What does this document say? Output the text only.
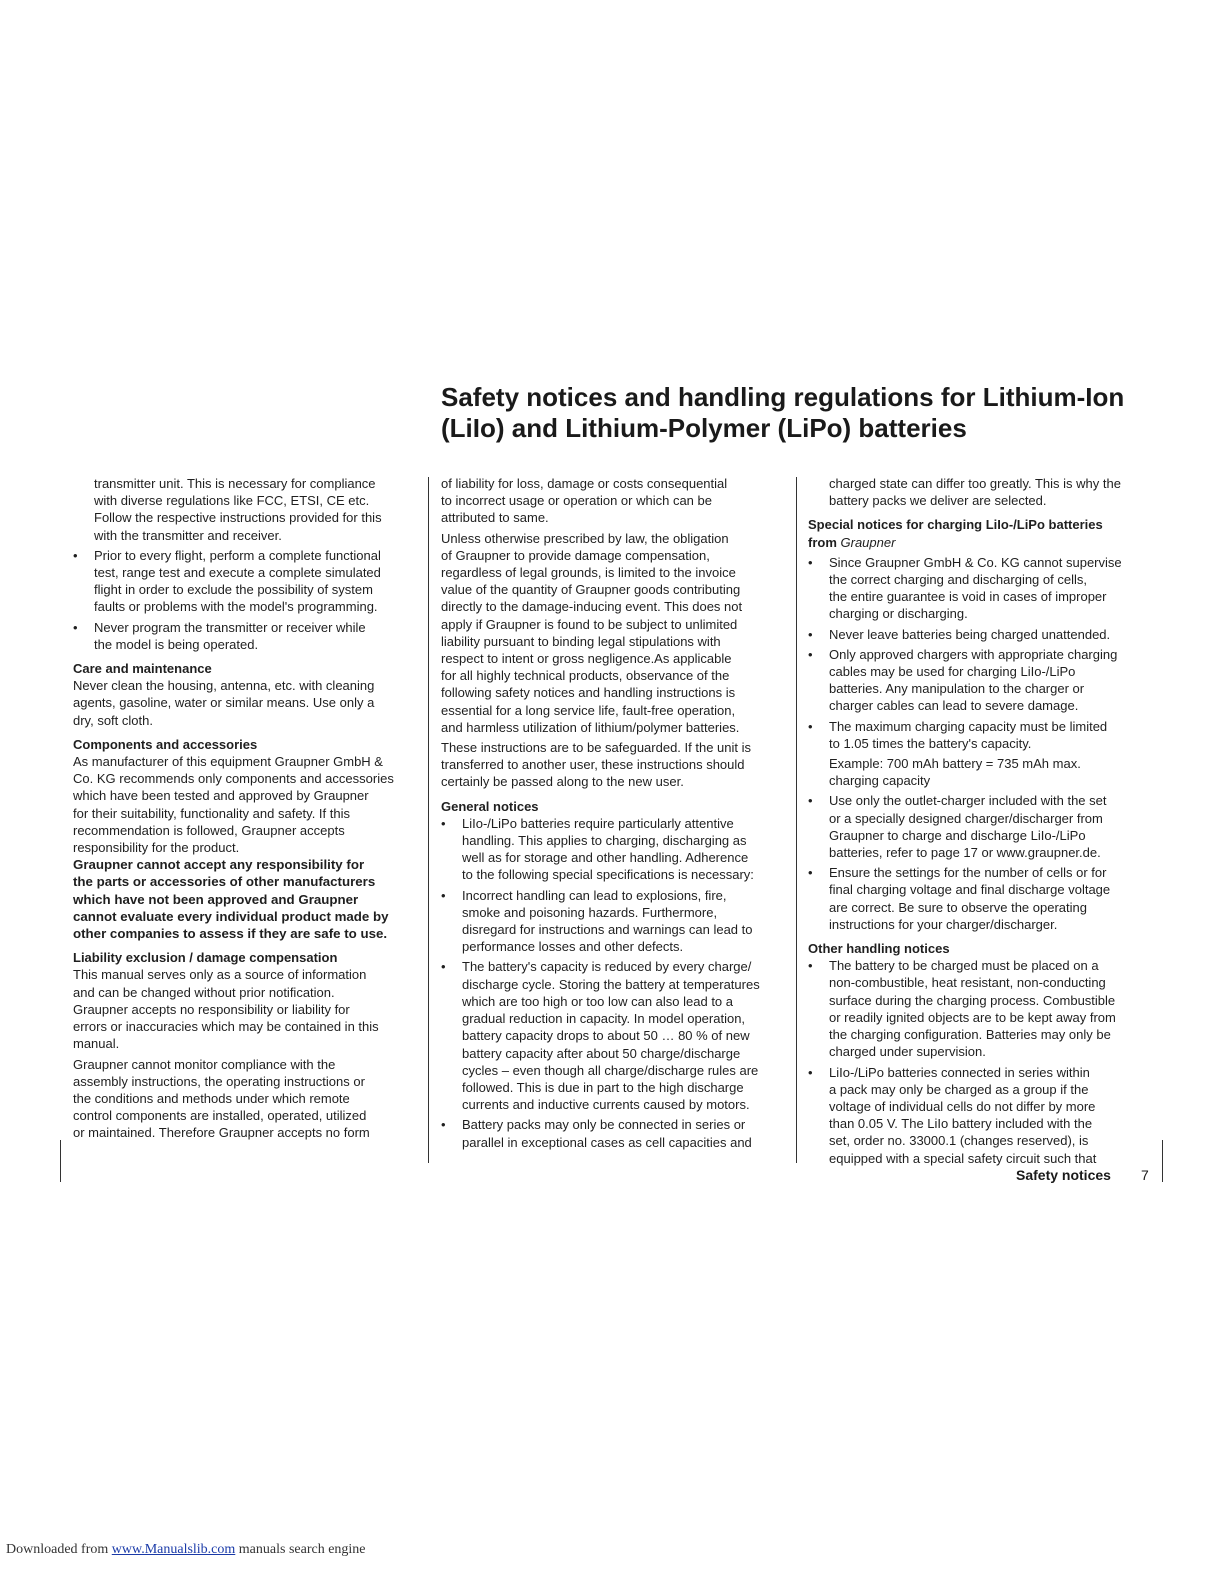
Safety notices and handling regulations for Lithium-Ion
(LiIo) and Lithium-Polymer (LiPo) batteries
transmitter unit. This is necessary for compliance
with diverse regulations like FCC, ETSI, CE etc.
Follow the respective instructions provided for this
with the transmitter and receiver.
• Prior to every flight, perform a complete functional
test, range test and execute a complete simulated
flight in order to exclude the possibility of system
faults or problems with the model's programming.
• Never program the transmitter or receiver while
the model is being operated.
Care and maintenance
Never clean the housing, antenna, etc. with cleaning
agents, gasoline, water or similar means. Use only a
dry, soft cloth.
Components and accessories
As manufacturer of this equipment Graupner GmbH &
Co. KG recommends only components and accessories
which have been tested and approved by Graupner
for their suitability, functionality and safety. If this
recommendation is followed, Graupner accepts
responsibility for the product.
Graupner cannot accept any responsibility for
the parts or accessories of other manufacturers
which have not been approved and Graupner
cannot evaluate every individual product made by
other companies to assess if they are safe to use.
Liability exclusion / damage compensation
This manual serves only as a source of information
and can be changed without prior notification.
Graupner accepts no responsibility or liability for
errors or inaccuracies which may be contained in this
manual.
Graupner cannot monitor compliance with the
assembly instructions, the operating instructions or
the conditions and methods under which remote
control components are installed, operated, utilized
or maintained. Therefore Graupner accepts no form
of liability for loss, damage or costs consequential
to incorrect usage or operation or which can be
attributed to same.
Unless otherwise prescribed by law, the obligation
of Graupner to provide damage compensation,
regardless of legal grounds, is limited to the invoice
value of the quantity of Graupner goods contributing
directly to the damage-inducing event. This does not
apply if Graupner is found to be subject to unlimited
liability pursuant to binding legal stipulations with
respect to intent or gross negligence.As applicable
for all highly technical products, observance of the
following safety notices and handling instructions is
essential for a long service life, fault-free operation,
and harmless utilization of lithium/polymer batteries.
These instructions are to be safeguarded. If the unit is
transferred to another user, these instructions should
certainly be passed along to the new user.
General notices
• LiIo-/LiPo batteries require particularly attentive
handling. This applies to charging, discharging as
well as for storage and other handling. Adherence
to the following special specifications is necessary:
• Incorrect handling can lead to explosions, fire,
smoke and poisoning hazards. Furthermore,
disregard for instructions and warnings can lead to
performance losses and other defects.
• The battery's capacity is reduced by every charge/
discharge cycle. Storing the battery at temperatures
which are too high or too low can also lead to a
gradual reduction in capacity. In model operation,
battery capacity drops to about 50 … 80 % of new
battery capacity after about 50 charge/discharge
cycles – even though all charge/discharge rules are
followed. This is due in part to the high discharge
currents and inductive currents caused by motors.
• Battery packs may only be connected in series or
parallel in exceptional cases as cell capacities and
charged state can differ too greatly. This is why the
battery packs we deliver are selected.
Special notices for charging LiIo-/LiPo batteries
from Graupner
• Since Graupner GmbH & Co. KG cannot supervise
the correct charging and discharging of cells,
the entire guarantee is void in cases of improper
charging or discharging.
• Never leave batteries being charged unattended.
• Only approved chargers with appropriate charging
cables may be used for charging LiIo-/LiPo
batteries. Any manipulation to the charger or
charger cables can lead to severe damage.
• The maximum charging capacity must be limited
to 1.05 times the battery's capacity.
Example: 700 mAh battery = 735 mAh max.
charging capacity
• Use only the outlet-charger included with the set
or a specially designed charger/discharger from
Graupner to charge and discharge LiIo-/LiPo
batteries, refer to page 17 or www.graupner.de.
• Ensure the settings for the number of cells or for
final charging voltage and final discharge voltage
are correct. Be sure to observe the operating
instructions for your charger/discharger.
Other handling notices
• The battery to be charged must be placed on a
non-combustible, heat resistant, non-conducting
surface during the charging process. Combustible
or readily ignited objects are to be kept away from
the charging configuration. Batteries may only be
charged under supervision.
• LiIo-/LiPo batteries connected in series within
a pack may only be charged as a group if the
voltage of individual cells do not differ by more
than 0.05 V. The LiIo battery included with the
set, order no. 33000.1 (changes reserved), is
equipped with a special safety circuit such that
Safety notices 7
Downloaded from www.Manualslib.com manuals search engine
